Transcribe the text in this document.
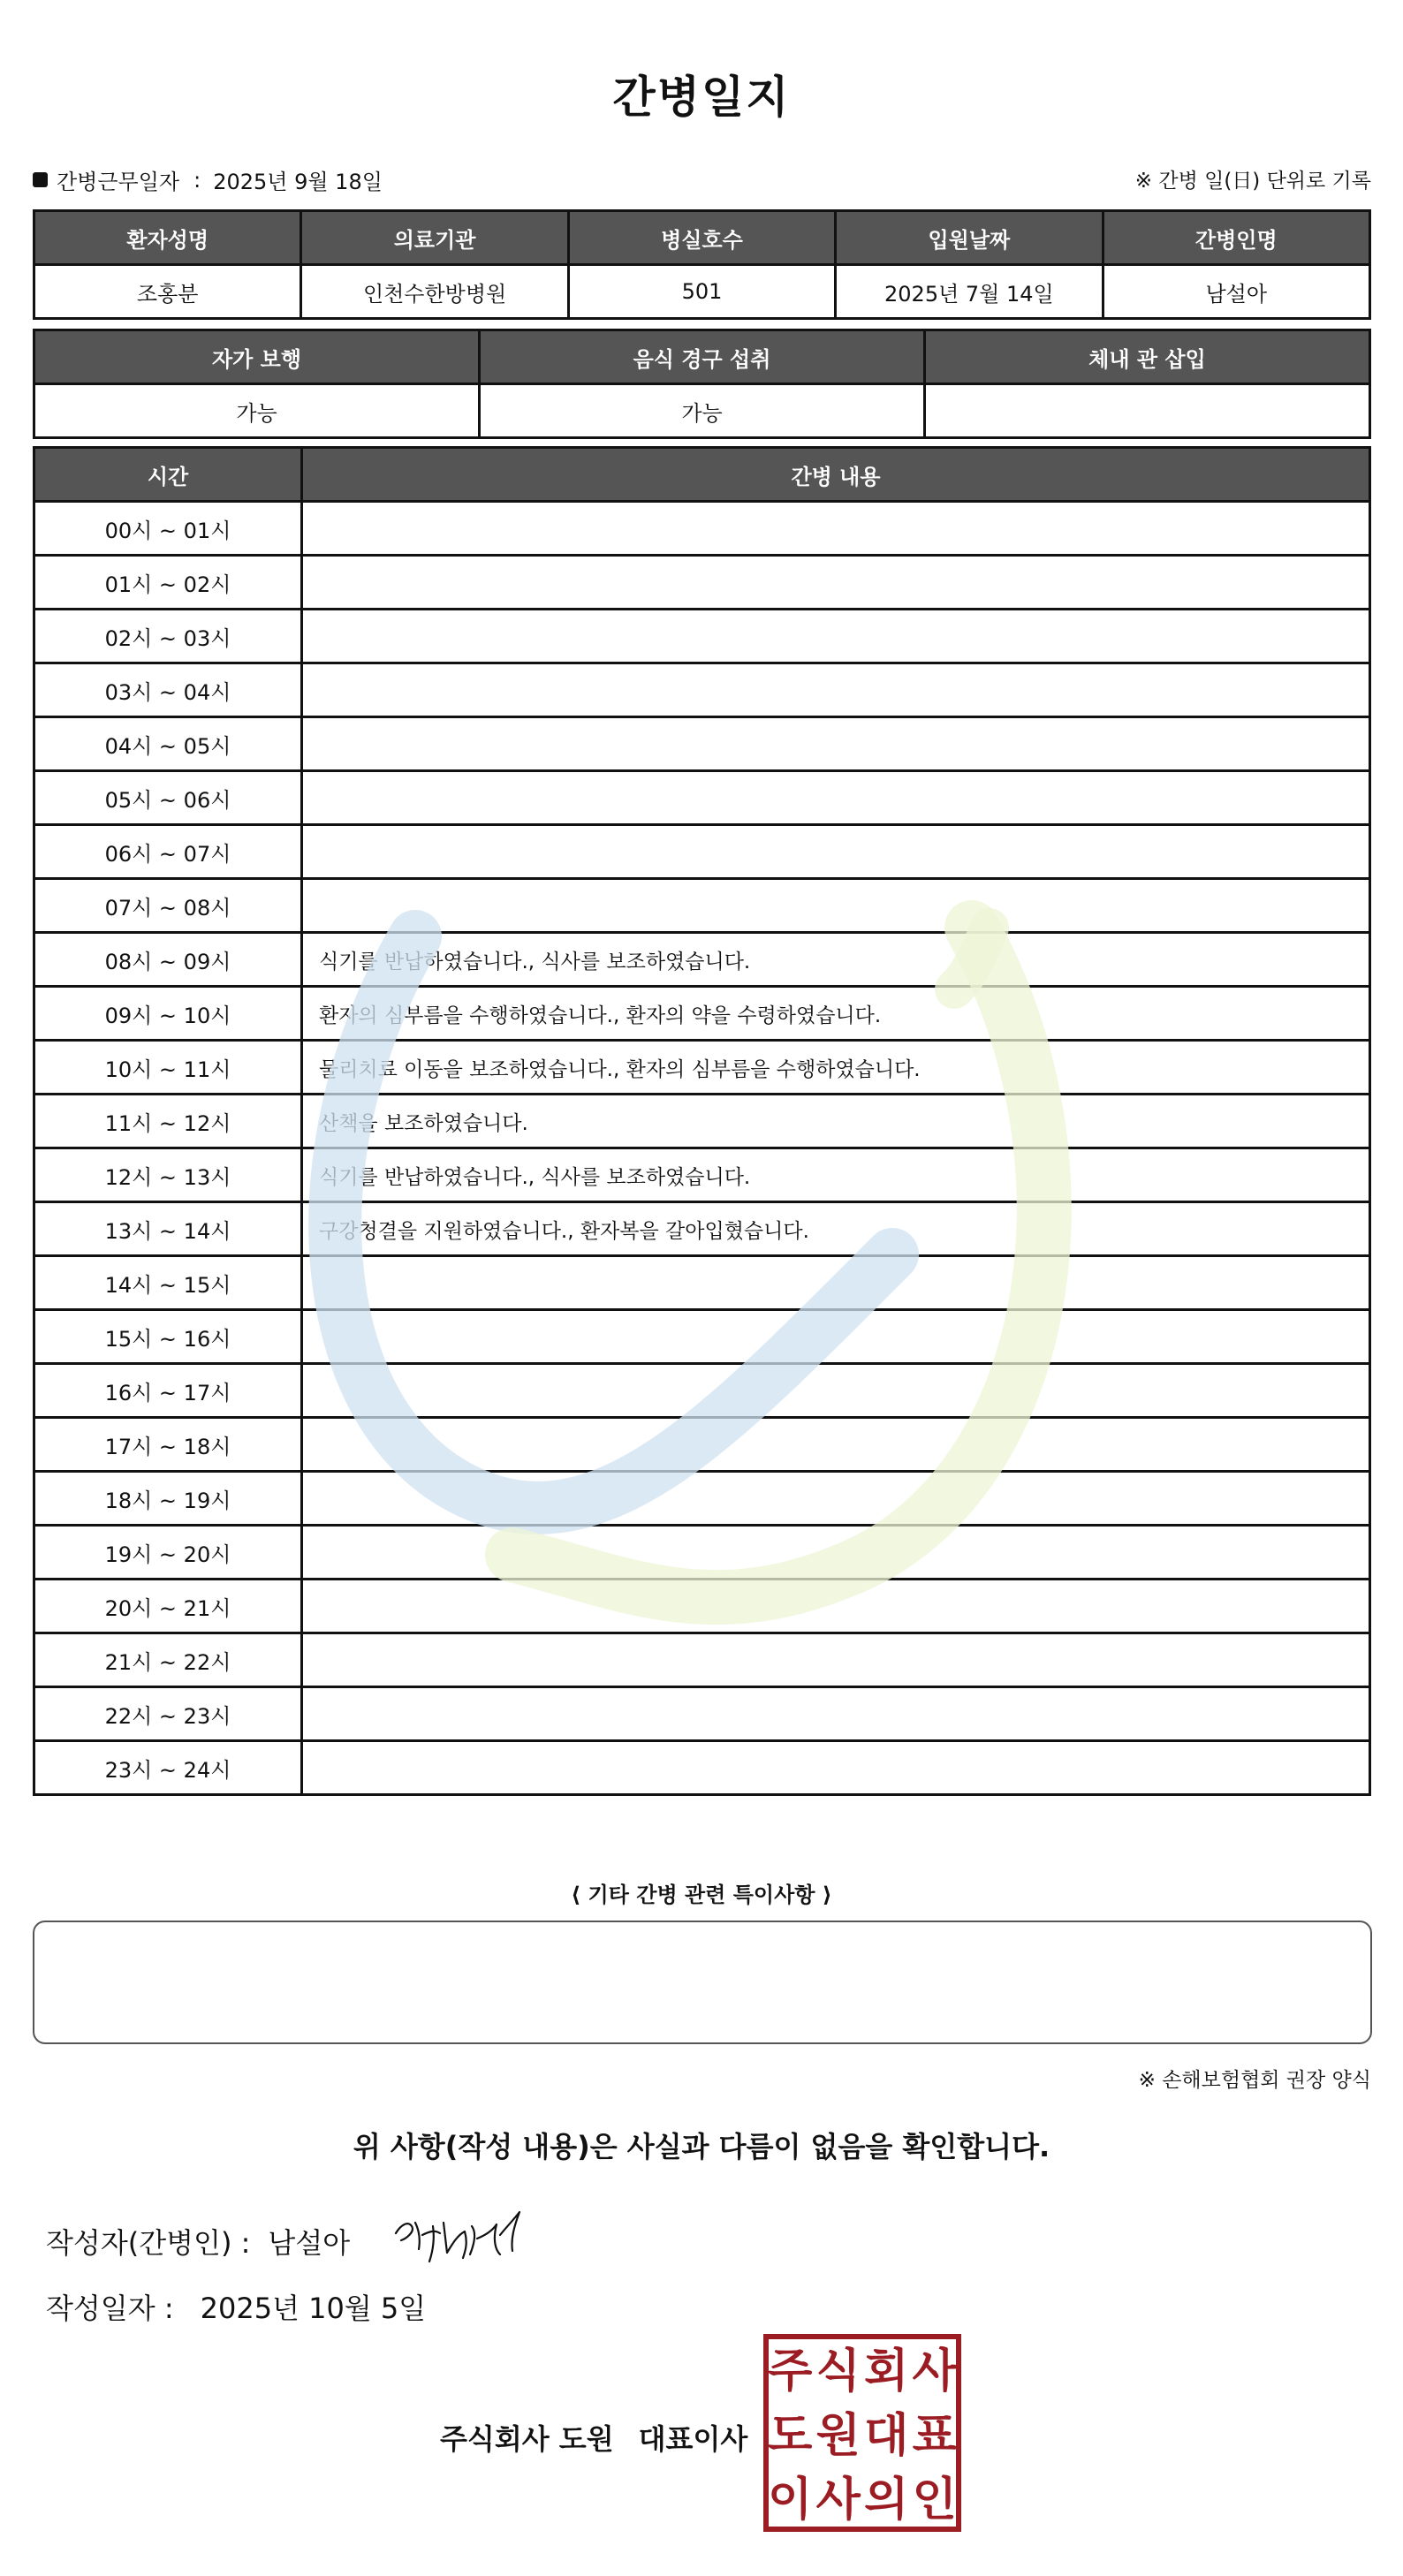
간병일지
간병근무일자 : 2025년 9월 18일	※ 간병 일(日) 단위로 기록
환자성명	의료기관	병실호수	입원날짜	간병인명
조홍분	인천수한방병원	501	2025년 7월 14일	남설아
자가 보행	음식 경구 섭취	체내 관 삽입
가능	가능	
시간	간병 내용
00시 ~ 01시	
01시 ~ 02시	
02시 ~ 03시	
03시 ~ 04시	
04시 ~ 05시	
05시 ~ 06시	
06시 ~ 07시	
07시 ~ 08시	
08시 ~ 09시	식기를 반납하였습니다., 식사를 보조하였습니다.
09시 ~ 10시	환자의 심부름을 수행하였습니다., 환자의 약을 수령하였습니다.
10시 ~ 11시	물리치료 이동을 보조하였습니다., 환자의 심부름을 수행하였습니다.
11시 ~ 12시	산책을 보조하였습니다.
12시 ~ 13시	식기를 반납하였습니다., 식사를 보조하였습니다.
13시 ~ 14시	구강청결을 지원하였습니다., 환자복을 갈아입혔습니다.
14시 ~ 15시	
15시 ~ 16시	
16시 ~ 17시	
17시 ~ 18시	
18시 ~ 19시	
19시 ~ 20시	
20시 ~ 21시	
21시 ~ 22시	
22시 ~ 23시	
23시 ~ 24시	
⟨ 기타 간병 관련 특이사항 ⟩
※ 손해보험협회 권장 양식
위 사항(작성 내용)은 사실과 다름이 없음을 확인합니다.
작성자(간병인) : 남설아
작성일자 : 2025년 10월 5일
주식회사 도원 대표이사
주 식 회 사
도 원 대 표
이 사 의 인
